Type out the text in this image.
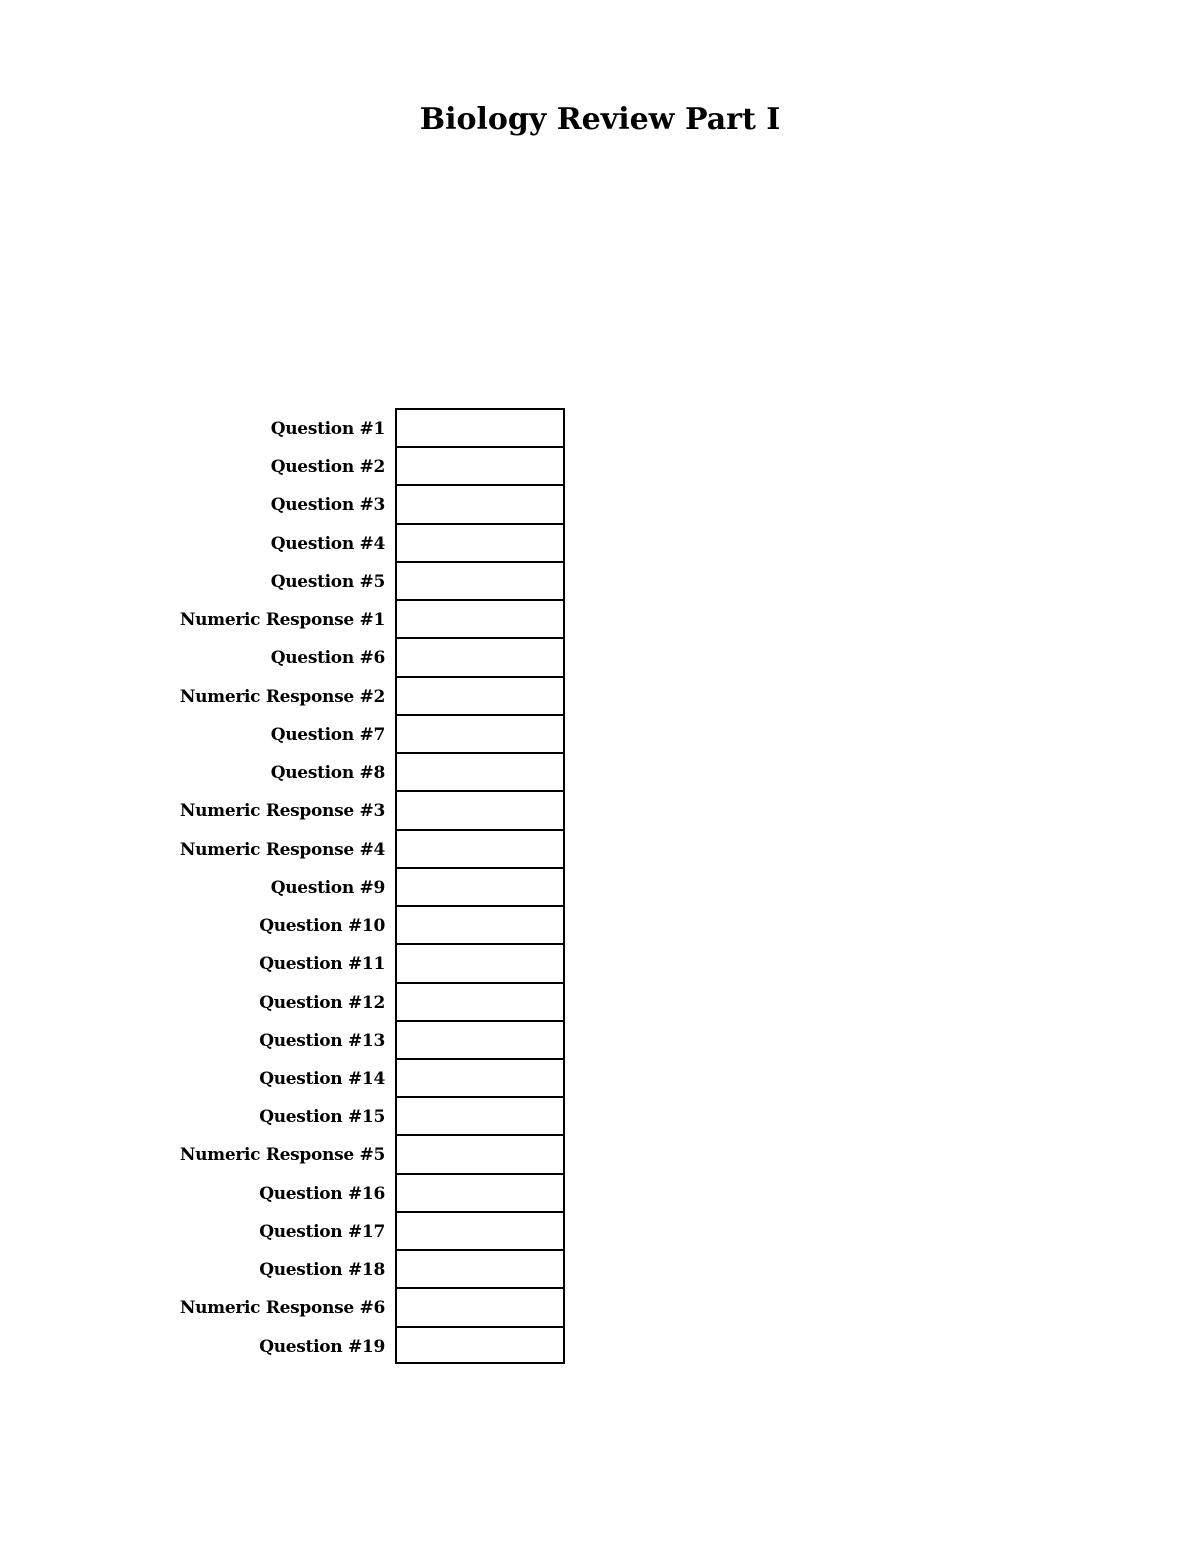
Biology Review Part I
Question #1
Question #2
Question #3
Question #4
Question #5
Numeric Response #1
Question #6
Numeric Response #2
Question #7
Question #8
Numeric Response #3
Numeric Response #4
Question #9
Question #10
Question #11
Question #12
Question #13
Question #14
Question #15
Numeric Response #5
Question #16
Question #17
Question #18
Numeric Response #6
Question #19
